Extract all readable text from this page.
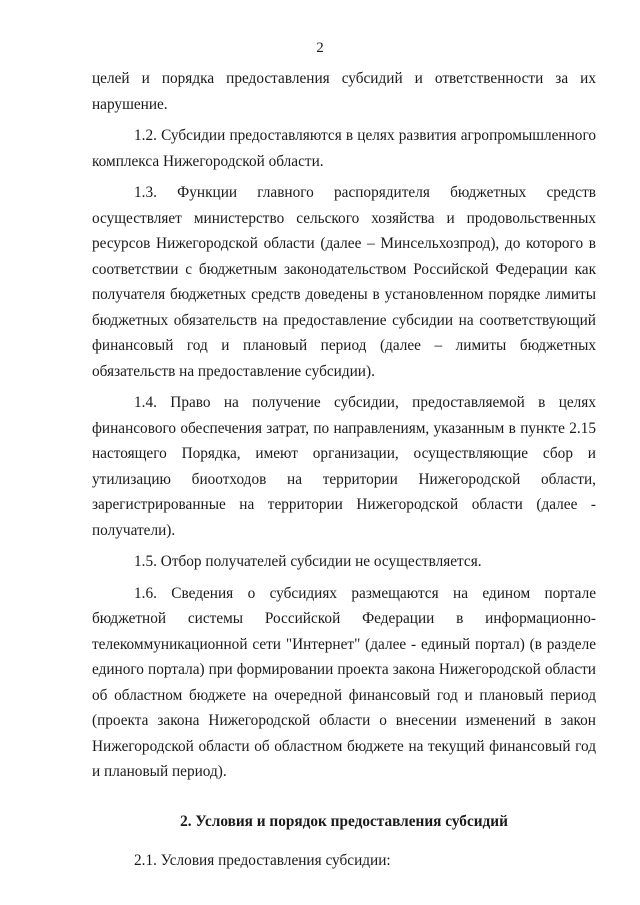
2

целей и порядка предоставления субсидий и ответственности за их нарушение.

1.2. Субсидии предоставляются в целях развития агропромышленного комплекса Нижегородской области.

1.3. Функции главного распорядителя бюджетных средств осуществляет министерство сельского хозяйства и продовольственных ресурсов Нижегородской области (далее – Минсельхозпрод), до которого в соответствии с бюджетным законодательством Российской Федерации как получателя бюджетных средств доведены в установленном порядке лимиты бюджетных обязательств на предоставление субсидии на соответствующий финансовый год и плановый период (далее – лимиты бюджетных обязательств на предоставление субсидии).

1.4. Право на получение субсидии, предоставляемой в целях финансового обеспечения затрат, по направлениям, указанным в пункте 2.15 настоящего Порядка, имеют организации, осуществляющие сбор и утилизацию биоотходов на территории Нижегородской области, зарегистрированные на территории Нижегородской области (далее - получатели).

1.5. Отбор получателей субсидии не осуществляется.

1.6. Сведения о субсидиях размещаются на едином портале бюджетной системы Российской Федерации в информационно-телекоммуникационной сети "Интернет" (далее - единый портал) (в разделе единого портала) при формировании проекта закона Нижегородской области об областном бюджете на очередной финансовый год и плановый период (проекта закона Нижегородской области о внесении изменений в закон Нижегородской области об областном бюджете на текущий финансовый год и плановый период).

2. Условия и порядок предоставления субсидий

2.1. Условия предоставления субсидии:
